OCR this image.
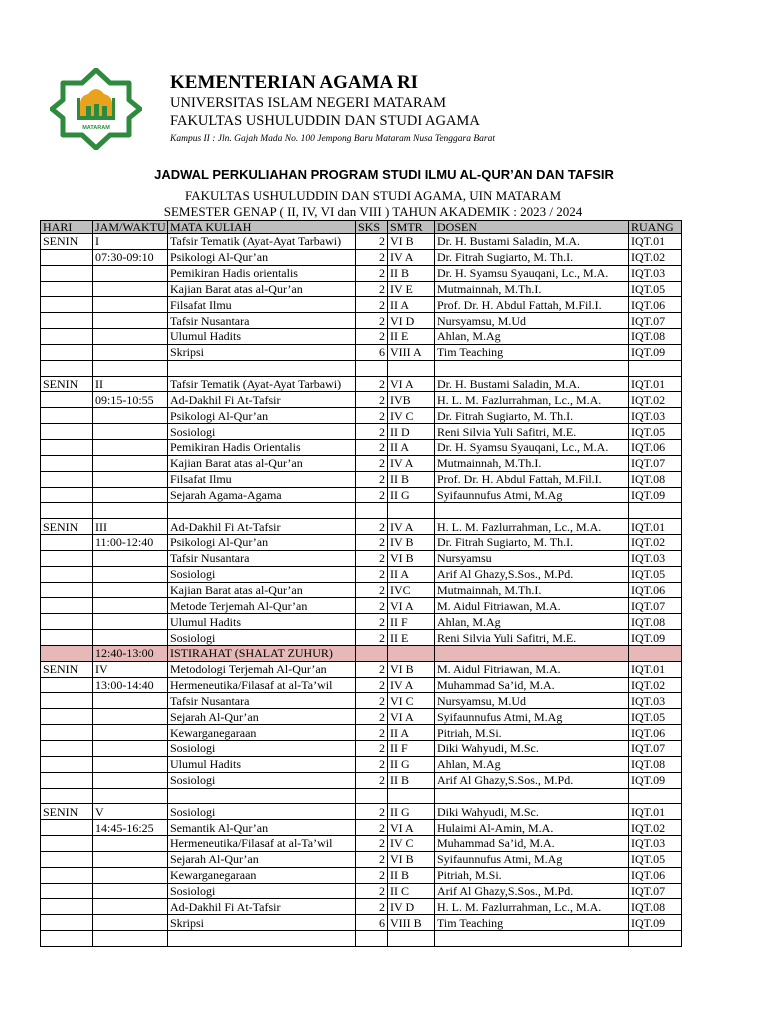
MATARAM
KEMENTERIAN AGAMA RI
UNIVERSITAS ISLAM NEGERI MATARAM
FAKULTAS USHULUDDIN DAN STUDI AGAMA
Kampus II : Jln. Gajah Mada No. 100 Jempong Baru Mataram Nusa Tenggara Barat
JADWAL PERKULIAHAN PROGRAM STUDI ILMU AL-QUR’AN DAN TAFSIR
FAKULTAS USHULUDDIN DAN STUDI AGAMA, UIN MATARAM
SEMESTER GENAP ( II, IV, VI dan VIII ) TAHUN AKADEMIK : 2023 / 2024
HARI	JAM/WAKTU	MATA KULIAH	SKS	SMTR	DOSEN	RUANG
SENIN	I	Tafsir Tematik (Ayat-Ayat Tarbawi)	2	VI B	Dr. H. Bustami Saladin, M.A.	IQT.01
	07:30-09:10	Psikologi Al-Qur’an	2	IV A	Dr. Fitrah Sugiarto, M. Th.I.	IQT.02
		Pemikiran Hadis orientalis	2	II B	Dr. H. Syamsu Syauqani, Lc., M.A.	IQT.03
		Kajian Barat atas al-Qur’an	2	IV E	Mutmainnah, M.Th.I.	IQT.05
		Filsafat Ilmu	2	II A	Prof. Dr. H. Abdul Fattah, M.Fil.I.	IQT.06
		Tafsir Nusantara	2	VI D	Nursyamsu, M.Ud	IQT.07
		Ulumul Hadits	2	II E	Ahlan, M.Ag	IQT.08
		Skripsi	6	VIII A	Tim Teaching	IQT.09

SENIN	II	Tafsir Tematik (Ayat-Ayat Tarbawi)	2	VI A	Dr. H. Bustami Saladin, M.A.	IQT.01
	09:15-10:55	Ad-Dakhil Fi At-Tafsir	2	IVB	H. L. M. Fazlurrahman, Lc., M.A.	IQT.02
		Psikologi Al-Qur’an	2	IV C	Dr. Fitrah Sugiarto, M. Th.I.	IQT.03
		Sosiologi	2	II D	Reni Silvia Yuli Safitri, M.E.	IQT.05
		Pemikiran Hadis Orientalis	2	II A	Dr. H. Syamsu Syauqani, Lc., M.A.	IQT.06
		Kajian Barat atas al-Qur’an	2	IV A	Mutmainnah, M.Th.I.	IQT.07
		Filsafat Ilmu	2	II B	Prof. Dr. H. Abdul Fattah, M.Fil.I.	IQT.08
		Sejarah Agama-Agama	2	II G	Syifaunnufus Atmi, M.Ag	IQT.09

SENIN	III	Ad-Dakhil Fi At-Tafsir	2	IV A	H. L. M. Fazlurrahman, Lc., M.A.	IQT.01
	11:00-12:40	Psikologi Al-Qur’an	2	IV B	Dr. Fitrah Sugiarto, M. Th.I.	IQT.02
		Tafsir Nusantara	2	VI B	Nursyamsu	IQT.03
		Sosiologi	2	II A	Arif Al Ghazy,S.Sos., M.Pd.	IQT.05
		Kajian Barat atas al-Qur’an	2	IVC	Mutmainnah, M.Th.I.	IQT.06
		Metode Terjemah Al-Qur’an	2	VI A	M. Aidul Fitriawan, M.A.	IQT.07
		Ulumul Hadits	2	II F	Ahlan, M.Ag	IQT.08
		Sosiologi	2	II E	Reni Silvia Yuli Safitri, M.E.	IQT.09
	12:40-13:00	ISTIRAHAT (SHALAT ZUHUR)				
SENIN	IV	Metodologi Terjemah Al-Qur’an	2	VI B	M. Aidul Fitriawan, M.A.	IQT.01
	13:00-14:40	Hermeneutika/Filasaf at al-Ta’wil	2	IV A	Muhammad Sa’id, M.A.	IQT.02
		Tafsir Nusantara	2	VI C	Nursyamsu, M.Ud	IQT.03
		Sejarah Al-Qur’an	2	VI A	Syifaunnufus Atmi, M.Ag	IQT.05
		Kewarganegaraan	2	II A	Pitriah, M.Si.	IQT.06
		Sosiologi	2	II F	Diki Wahyudi, M.Sc.	IQT.07
		Ulumul Hadits	2	II G	Ahlan, M.Ag	IQT.08
		Sosiologi	2	II B	Arif Al Ghazy,S.Sos., M.Pd.	IQT.09

SENIN	V	Sosiologi	2	II G	Diki Wahyudi, M.Sc.	IQT.01
	14:45-16:25	Semantik Al-Qur’an	2	VI A	Hulaimi Al-Amin, M.A.	IQT.02
		Hermeneutika/Filasaf at al-Ta’wil	2	IV C	Muhammad Sa’id, M.A.	IQT.03
		Sejarah Al-Qur’an	2	VI B	Syifaunnufus Atmi, M.Ag	IQT.05
		Kewarganegaraan	2	II B	Pitriah, M.Si.	IQT.06
		Sosiologi	2	II C	Arif Al Ghazy,S.Sos., M.Pd.	IQT.07
		Ad-Dakhil Fi At-Tafsir	2	IV D	H. L. M. Fazlurrahman, Lc., M.A.	IQT.08
		Skripsi	6	VIII B	Tim Teaching	IQT.09
